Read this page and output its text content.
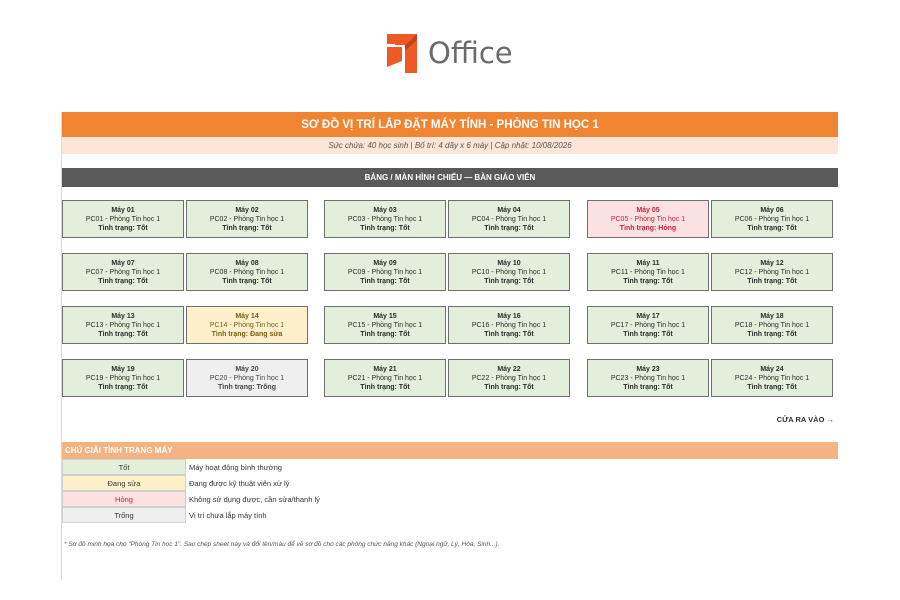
Office
SƠ ĐỒ VỊ TRÍ LẮP ĐẶT MÁY TÍNH - PHÒNG TIN HỌC 1
Sức chứa: 40 học sinh | Bố trí: 4 dãy x 6 máy | Cập nhật: 10/08/2026
BẢNG / MÀN HÌNH CHIẾU — BÀN GIÁO VIÊN
Máy 01
PC01 - Phòng Tin học 1
Tình trạng: Tốt
Máy 02
PC02 - Phòng Tin học 1
Tình trạng: Tốt
Máy 03
PC03 - Phòng Tin học 1
Tình trạng: Tốt
Máy 04
PC04 - Phòng Tin học 1
Tình trạng: Tốt
Máy 05
PC05 - Phòng Tin học 1
Tình trạng: Hỏng
Máy 06
PC06 - Phòng Tin học 1
Tình trạng: Tốt
Máy 07
PC07 - Phòng Tin học 1
Tình trạng: Tốt
Máy 08
PC08 - Phòng Tin học 1
Tình trạng: Tốt
Máy 09
PC09 - Phòng Tin học 1
Tình trạng: Tốt
Máy 10
PC10 - Phòng Tin học 1
Tình trạng: Tốt
Máy 11
PC11 - Phòng Tin học 1
Tình trạng: Tốt
Máy 12
PC12 - Phòng Tin học 1
Tình trạng: Tốt
Máy 13
PC13 - Phòng Tin học 1
Tình trạng: Tốt
Máy 14
PC14 - Phòng Tin học 1
Tình trạng: Đang sửa
Máy 15
PC15 - Phòng Tin học 1
Tình trạng: Tốt
Máy 16
PC16 - Phòng Tin học 1
Tình trạng: Tốt
Máy 17
PC17 - Phòng Tin học 1
Tình trạng: Tốt
Máy 18
PC18 - Phòng Tin học 1
Tình trạng: Tốt
Máy 19
PC19 - Phòng Tin học 1
Tình trạng: Tốt
Máy 20
PC20 - Phòng Tin học 1
Tình trạng: Trống
Máy 21
PC21 - Phòng Tin học 1
Tình trạng: Tốt
Máy 22
PC22 - Phòng Tin học 1
Tình trạng: Tốt
Máy 23
PC23 - Phòng Tin học 1
Tình trạng: Tốt
Máy 24
PC24 - Phòng Tin học 1
Tình trạng: Tốt
CỬA RA VÀO →
CHÚ GIẢI TÌNH TRẠNG MÁY
Tốt	Máy hoạt động bình thường
Đang sửa	Đang được kỹ thuật viên xử lý
Hỏng	Không sử dụng được, cần sửa/thanh lý
Trống	Vị trí chưa lắp máy tính
* Sơ đồ minh họa cho "Phòng Tin học 1". Sao chép sheet này và đổi tên/màu để vẽ sơ đồ cho các phòng chức năng khác (Ngoại ngữ, Lý, Hóa, Sinh...).
